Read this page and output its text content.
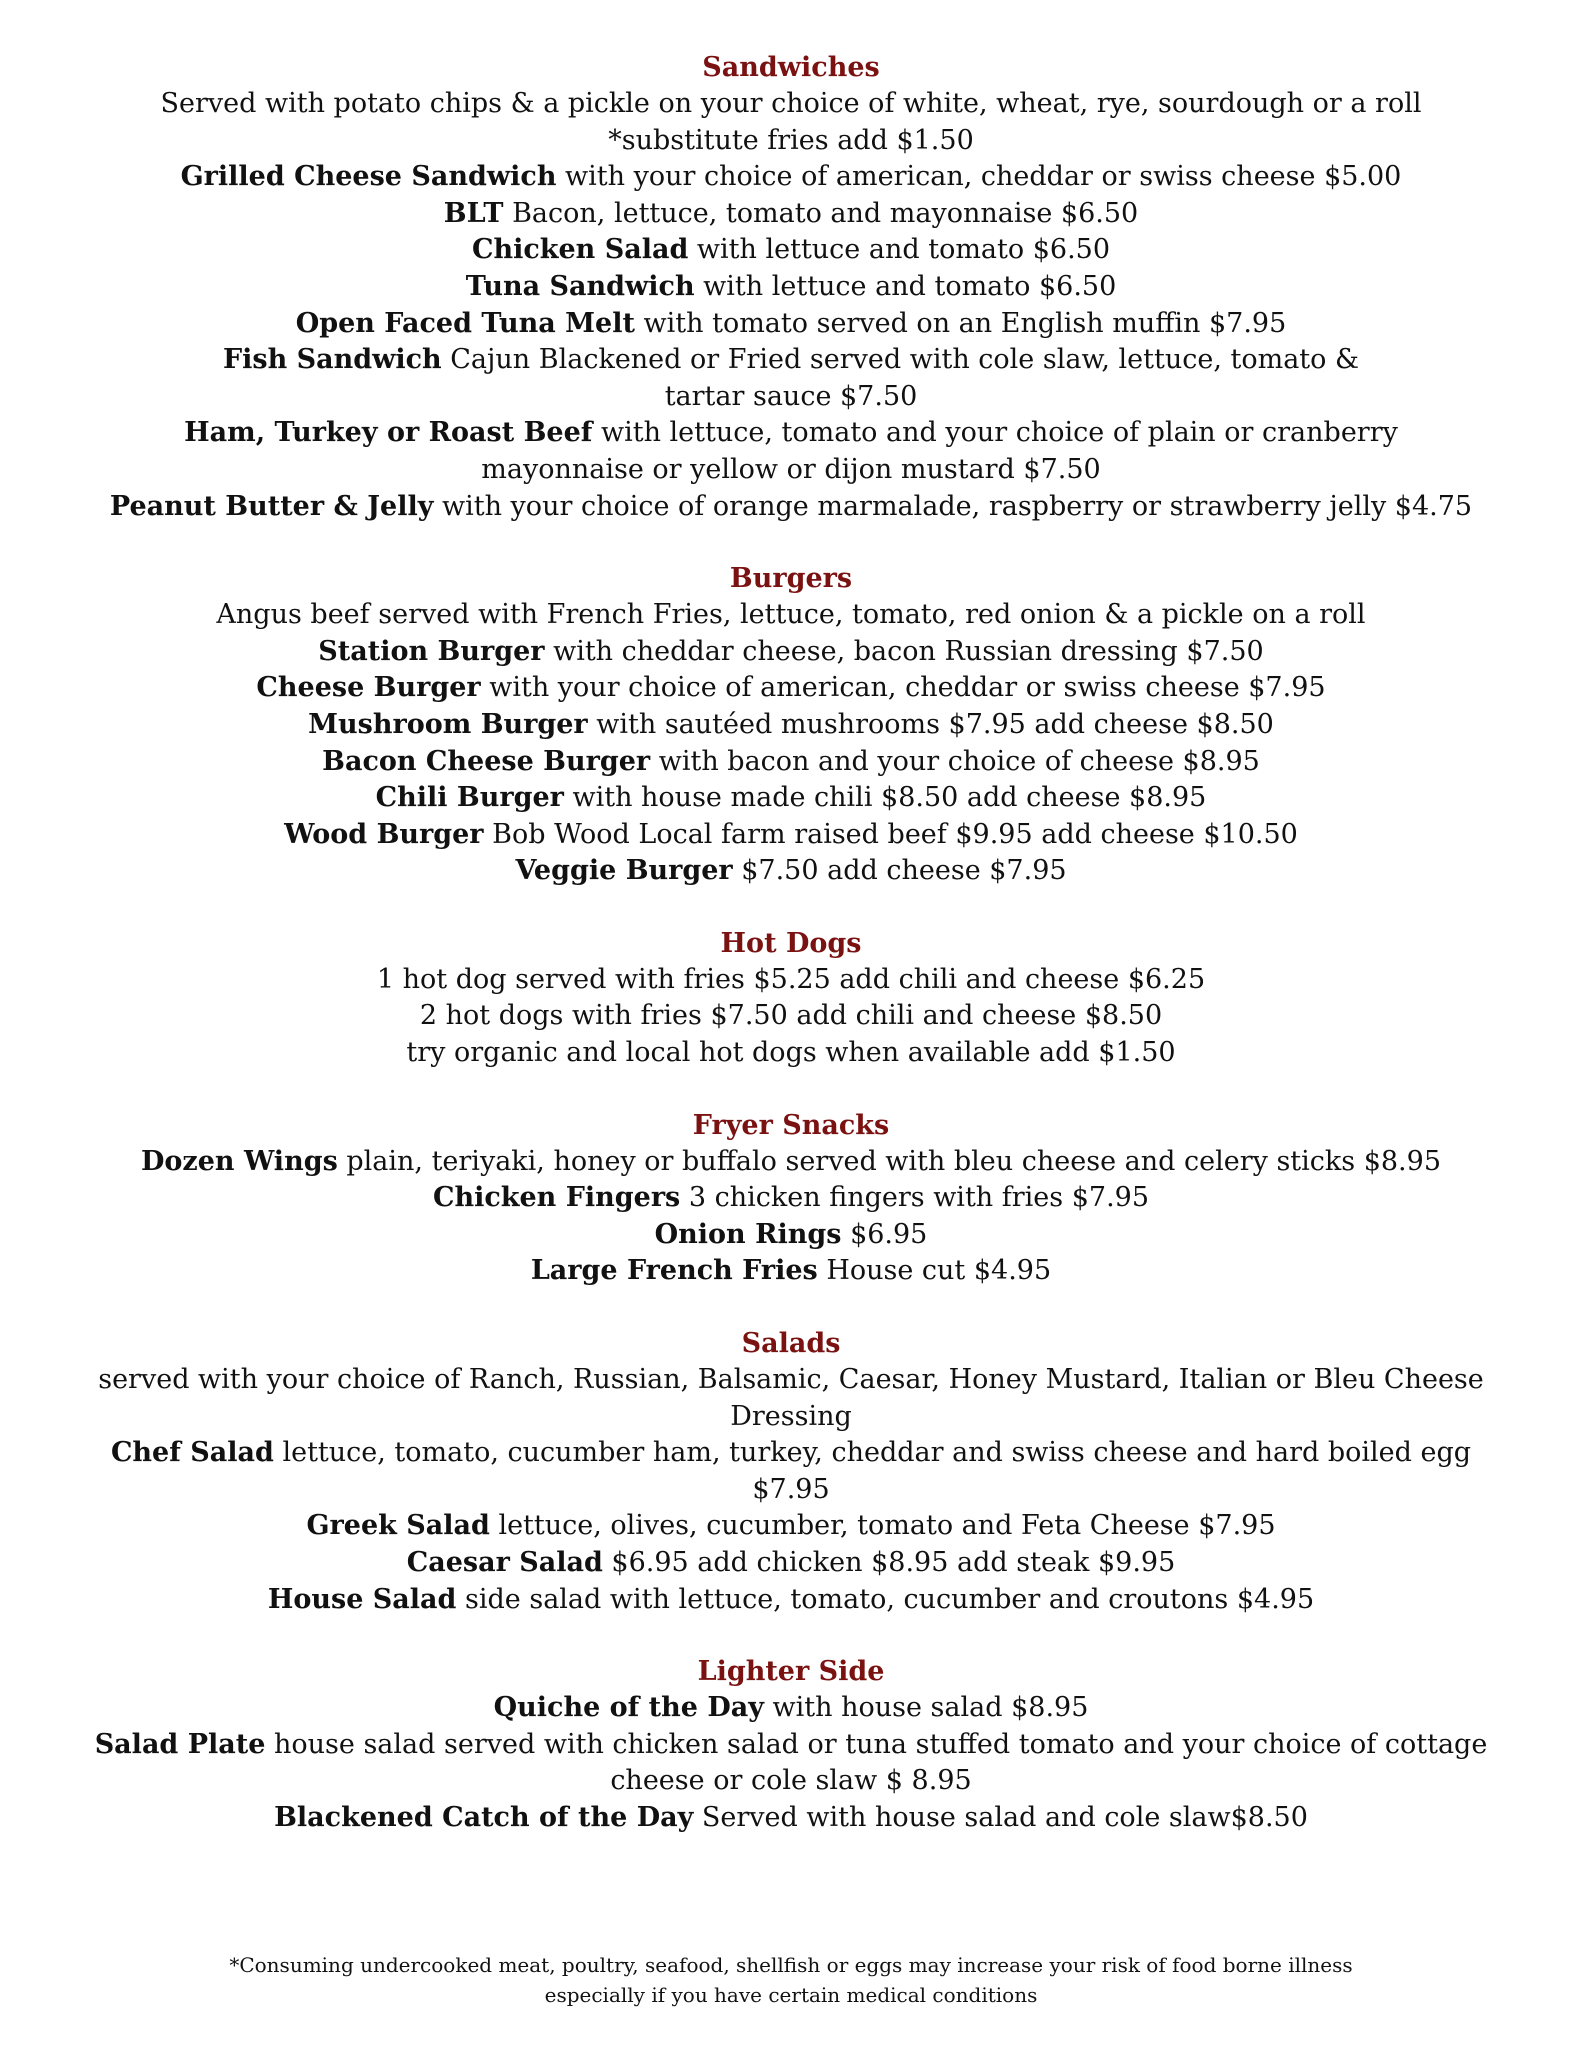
Sandwiches
Served with potato chips & a pickle on your choice of white, wheat, rye, sourdough or a roll
*substitute fries add $1.50
Grilled Cheese Sandwich with your choice of american, cheddar or swiss cheese $5.00
BLT Bacon, lettuce, tomato and mayonnaise $6.50
Chicken Salad with lettuce and tomato $6.50
Tuna Sandwich with lettuce and tomato $6.50
Open Faced Tuna Melt with tomato served on an English muffin $7.95
Fish Sandwich Cajun Blackened or Fried served with cole slaw, lettuce, tomato & tartar sauce $7.50
Ham, Turkey or Roast Beef with lettuce, tomato and your choice of plain or cranberry mayonnaise or yellow or dijon mustard $7.50
Peanut Butter & Jelly with your choice of orange marmalade, raspberry or strawberry jelly $4.75
Burgers
Angus beef served with French Fries, lettuce, tomato, red onion & a pickle on a roll
Station Burger with cheddar cheese, bacon Russian dressing $7.50
Cheese Burger with your choice of american, cheddar or swiss cheese $7.95
Mushroom Burger with sautéed mushrooms $7.95 add cheese $8.50
Bacon Cheese Burger with bacon and your choice of cheese $8.95
Chili Burger with house made chili $8.50 add cheese $8.95
Wood Burger Bob Wood Local farm raised beef $9.95 add cheese $10.50
Veggie Burger $7.50 add cheese $7.95
Hot Dogs
1 hot dog served with fries $5.25 add chili and cheese $6.25
2 hot dogs with fries $7.50 add chili and cheese $8.50
try organic and local hot dogs when available add $1.50
Fryer Snacks
Dozen Wings plain, teriyaki, honey or buffalo served with bleu cheese and celery sticks $8.95
Chicken Fingers 3 chicken fingers with fries $7.95
Onion Rings $6.95
Large French Fries House cut $4.95
Salads
served with your choice of Ranch, Russian, Balsamic, Caesar, Honey Mustard, Italian or Bleu Cheese Dressing
Chef Salad lettuce, tomato, cucumber ham, turkey, cheddar and swiss cheese and hard boiled egg $7.95
Greek Salad lettuce, olives, cucumber, tomato and Feta Cheese $7.95
Caesar Salad $6.95 add chicken $8.95 add steak $9.95
House Salad side salad with lettuce, tomato, cucumber and croutons $4.95
Lighter Side
Quiche of the Day with house salad $8.95
Salad Plate house salad served with chicken salad or tuna stuffed tomato and your choice of cottage cheese or cole slaw $ 8.95
Blackened Catch of the Day Served with house salad and cole slaw$8.50
*Consuming undercooked meat, poultry, seafood, shellfish or eggs may increase your risk of food borne illness
especially if you have certain medical conditions
